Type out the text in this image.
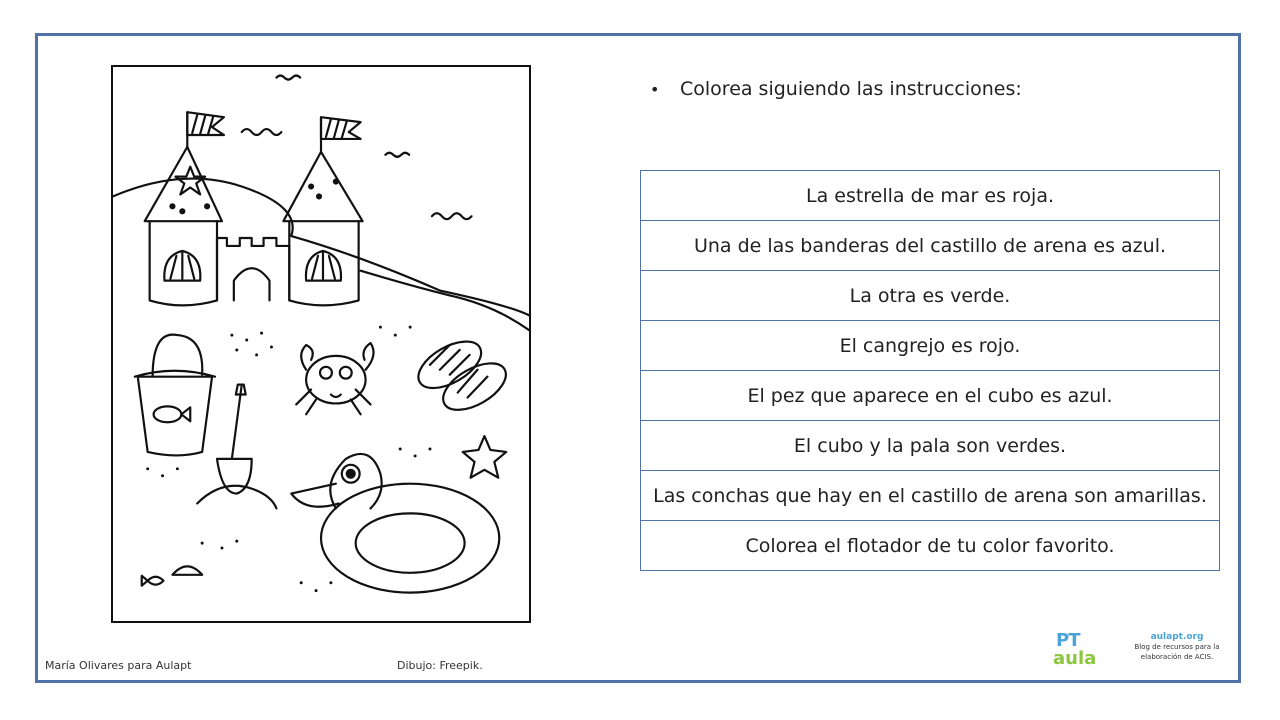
• Colorea siguiendo las instrucciones:
La estrella de mar es roja.
Una de las banderas del castillo de arena es azul.
La otra es verde.
El cangrejo es rojo.
El pez que aparece en el cubo es azul.
El cubo y la pala son verdes.
Las conchas que hay en el castillo de arena son amarillas.
Colorea el flotador de tu color favorito.
María Olivares para Aulapt	Dibujo: Freepik.
PT
aula
aulapt.org
Blog de recursos para la
elaboración de ACIS.
